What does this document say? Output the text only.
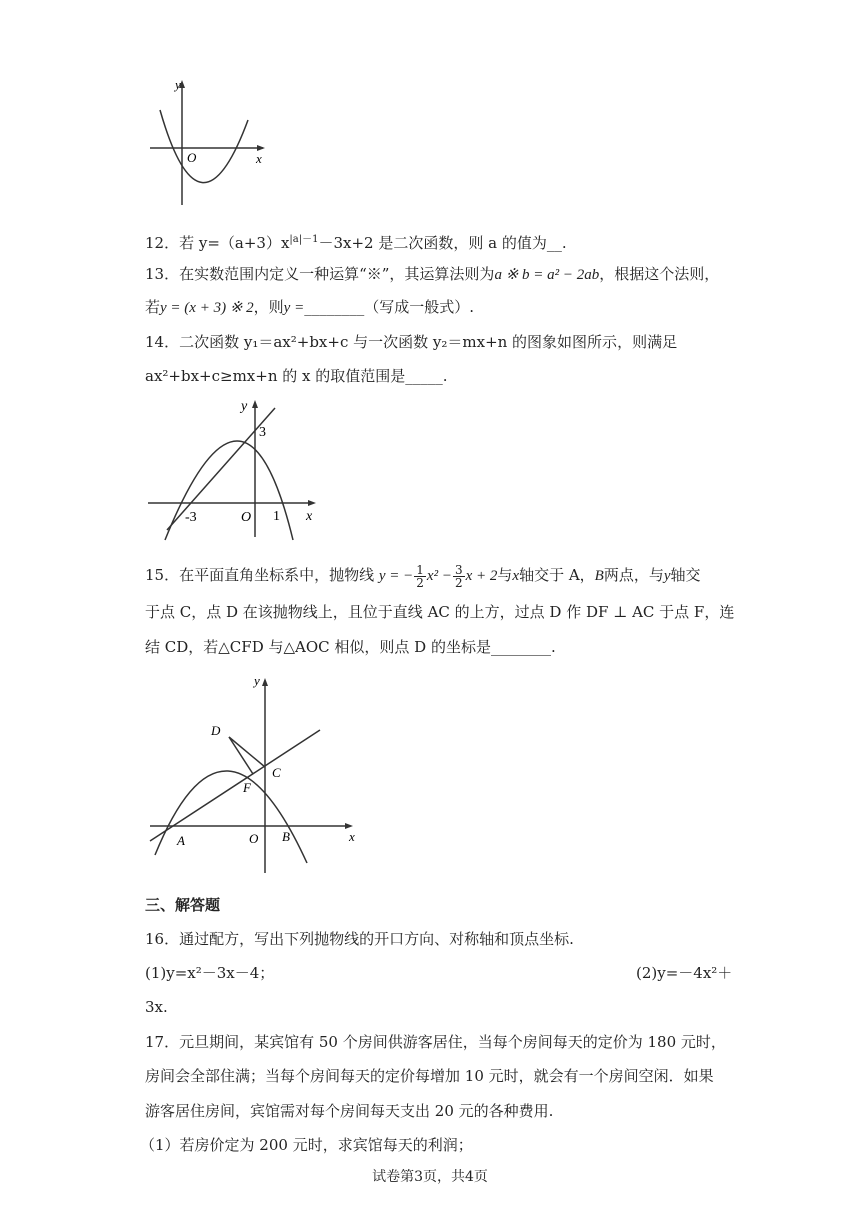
y
x
O
12．若 $y=(a+3)x^{|a|-1}-3x+2$ 是二次函数，则 a 的值为__.
13．在实数范围内定义一种运算“※”，其运算法则为a ※ b = a² − 2ab，根据这个法则，
若y = (x + 3) ※ 2，则y =________（写成一般式）.
14．二次函数 y₁＝ax²+bx+c 与一次函数 y₂＝mx+n 的图象如图所示，则满足
ax²+bx+c≥mx+n 的 x 的取值范围是_____.
y
3
-3	O 1 x
15．在平面直角坐标系中，抛物线 y = − $\frac{1}{2} x^2 - \frac{3}{2}$ x + 2与x轴交于 A，B两点，与y轴交
于点 C，点 D 在该抛物线上，且位于直线 AC 的上方，过点 D 作 DF ⊥ AC 于点 F，连
结 CD，若△CFD 与△AOC 相似，则点 D 的坐标是________.
y
D
C
F
A	O B	x
三、解答题
16．通过配方，写出下列抛物线的开口方向、对称轴和顶点坐标.
(1)y=x²－3x－4；	(2)y=－4x²＋
3x.
17．元旦期间，某宾馆有 50 个房间供游客居住，当每个房间每天的定价为 180 元时，
房间会全部住满；当每个房间每天的定价每增加 10 元时，就会有一个房间空闲．如果
游客居住房间，宾馆需对每个房间每天支出 20 元的各种费用.
（1）若房价定为 200 元时，求宾馆每天的利润；
试卷第3页，共4页
